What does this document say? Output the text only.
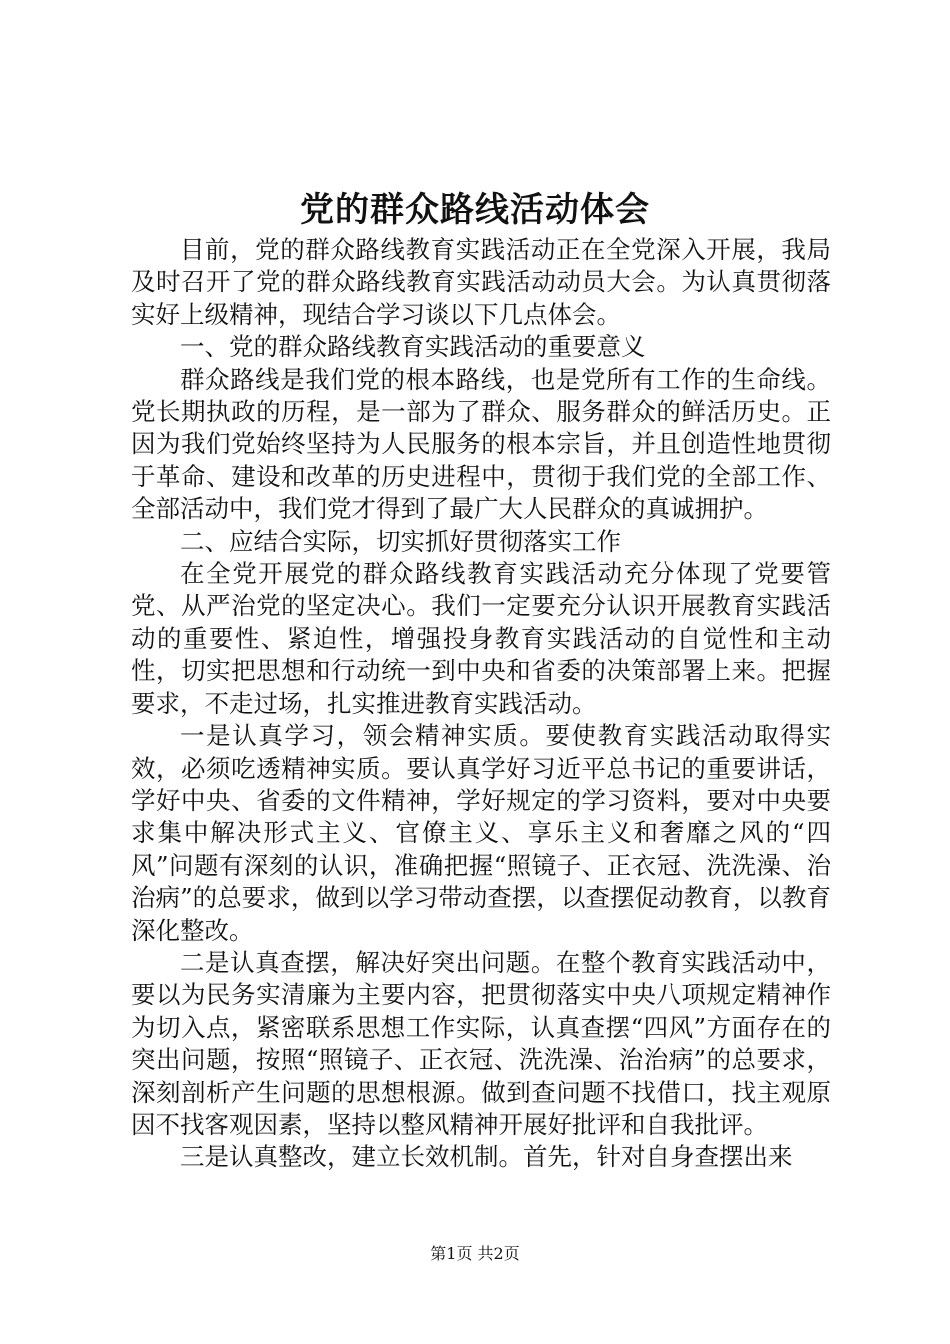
党的群众路线活动体会

目前，党的群众路线教育实践活动正在全党深入开展，我局及时召开了党的群众路线教育实践活动动员大会。为认真贯彻落实好上级精神，现结合学习谈以下几点体会。

一、党的群众路线教育实践活动的重要意义

群众路线是我们党的根本路线，也是党所有工作的生命线。党长期执政的历程，是一部为了群众、服务群众的鲜活历史。正因为我们党始终坚持为人民服务的根本宗旨，并且创造性地贯彻于革命、建设和改革的历史进程中，贯彻于我们党的全部工作、全部活动中，我们党才得到了最广大人民群众的真诚拥护。

二、应结合实际，切实抓好贯彻落实工作

在全党开展党的群众路线教育实践活动充分体现了党要管党、从严治党的坚定决心。我们一定要充分认识开展教育实践活动的重要性、紧迫性，增强投身教育实践活动的自觉性和主动性，切实把思想和行动统一到中央和省委的决策部署上来。把握要求，不走过场，扎实推进教育实践活动。

一是认真学习，领会精神实质。要使教育实践活动取得实效，必须吃透精神实质。要认真学好习近平总书记的重要讲话，学好中央、省委的文件精神，学好规定的学习资料，要对中央要求集中解决形式主义、官僚主义、享乐主义和奢靡之风的“四风”问题有深刻的认识，准确把握“照镜子、正衣冠、洗洗澡、治治病”的总要求，做到以学习带动查摆，以查摆促动教育，以教育深化整改。

二是认真查摆，解决好突出问题。在整个教育实践活动中，要以为民务实清廉为主要内容，把贯彻落实中央八项规定精神作为切入点，紧密联系思想工作实际，认真查摆“四风”方面存在的突出问题，按照“照镜子、正衣冠、洗洗澡、治治病”的总要求，深刻剖析产生问题的思想根源。做到查问题不找借口，找主观原因不找客观因素，坚持以整风精神开展好批评和自我批评。

三是认真整改，建立长效机制。首先，针对自身查摆出来

第1页 共2页
